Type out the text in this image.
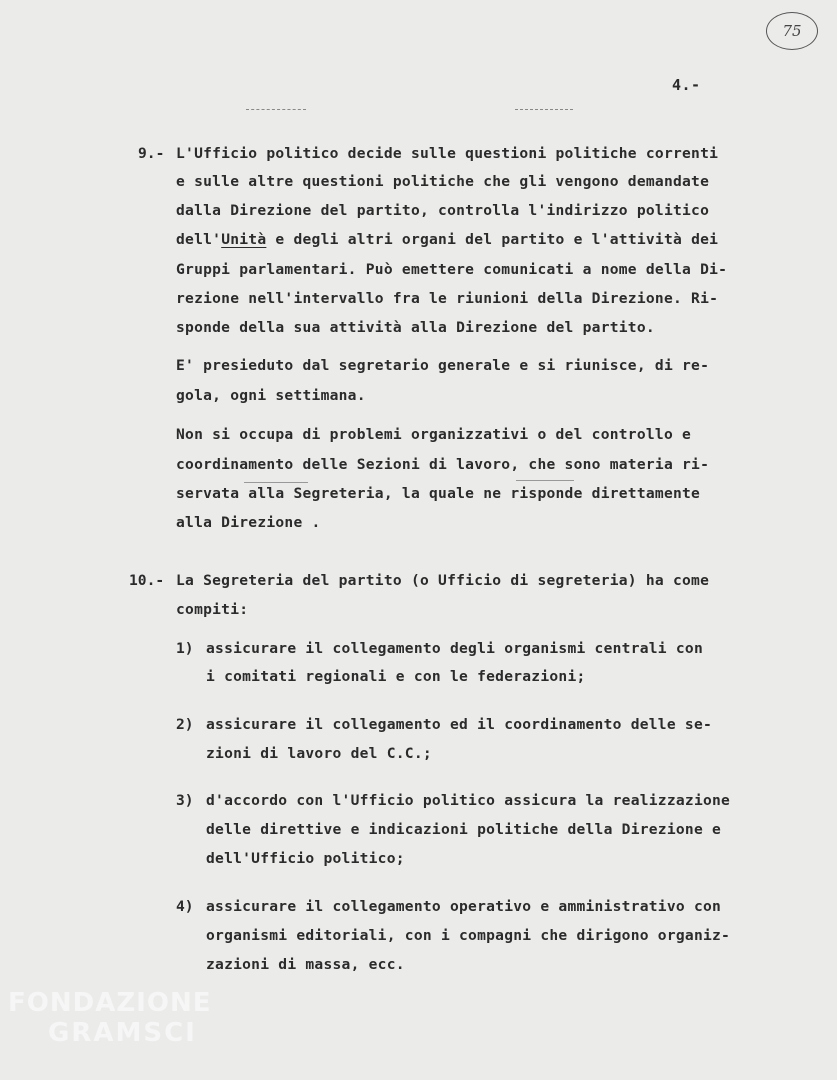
75
4.-
9.- L'Ufficio politico decide sulle questioni politiche correnti
e sulle altre questioni politiche che gli vengono demandate
dalla Direzione del partito, controlla l'indirizzo politico
dell'Unità e degli altri organi del partito e l'attività dei
Gruppi parlamentari. Può emettere comunicati a nome della Di-
rezione nell'intervallo fra le riunioni della Direzione. Ri-
sponde della sua attività alla Direzione del partito.
E' presieduto dal segretario generale e si riunisce, di re-
gola, ogni settimana.
Non si occupa di problemi organizzativi o del controllo e
coordinamento delle Sezioni di lavoro, che sono materia ri-
servata alla Segreteria, la quale ne risponde direttamente
alla Direzione .
10.- La Segreteria del partito (o Ufficio di segreteria) ha come
compiti:
1) assicurare il collegamento degli organismi centrali con
i comitati regionali e con le federazioni;
2) assicurare il collegamento ed il coordinamento delle se-
zioni di lavoro del C.C.;
3) d'accordo con l'Ufficio politico assicura la realizzazione
delle direttive e indicazioni politiche della Direzione e
dell'Ufficio politico;
4) assicurare il collegamento operativo e amministrativo con
organismi editoriali, con i compagni che dirigono organiz-
zazioni di massa, ecc.
FONDAZIONE
GRAMSCI
